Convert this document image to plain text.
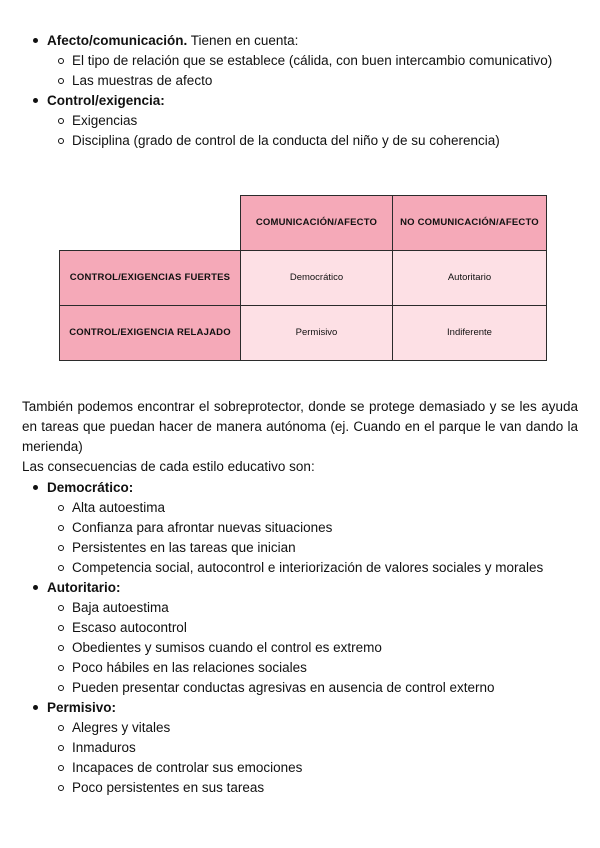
Afecto/comunicación. Tienen en cuenta:
El tipo de relación que se establece (cálida, con buen intercambio comunicativo)
Las muestras de afecto
Control/exigencia:
Exigencias
Disciplina (grado de control de la conducta del niño y de su coherencia)
	COMUNICACIÓN/AFECTO	NO COMUNICACIÓN/AFECTO
CONTROL/EXIGENCIAS FUERTES	Democrático	Autoritario
CONTROL/EXIGENCIA RELAJADO	Permisivo	Indiferente

También podemos encontrar el sobreprotector, donde se protege demasiado y se les ayuda en tareas que puedan hacer de manera autónoma (ej. Cuando en el parque le van dando la merienda)

Las consecuencias de cada estilo educativo son:

Democrático:
Alta autoestima
Confianza para afrontar nuevas situaciones
Persistentes en las tareas que inician
Competencia social, autocontrol e interiorización de valores sociales y morales
Autoritario:
Baja autoestima
Escaso autocontrol
Obedientes y sumisos cuando el control es extremo
Poco hábiles en las relaciones sociales
Pueden presentar conductas agresivas en ausencia de control externo
Permisivo:
Alegres y vitales
Inmaduros
Incapaces de controlar sus emociones
Poco persistentes en sus tareas
